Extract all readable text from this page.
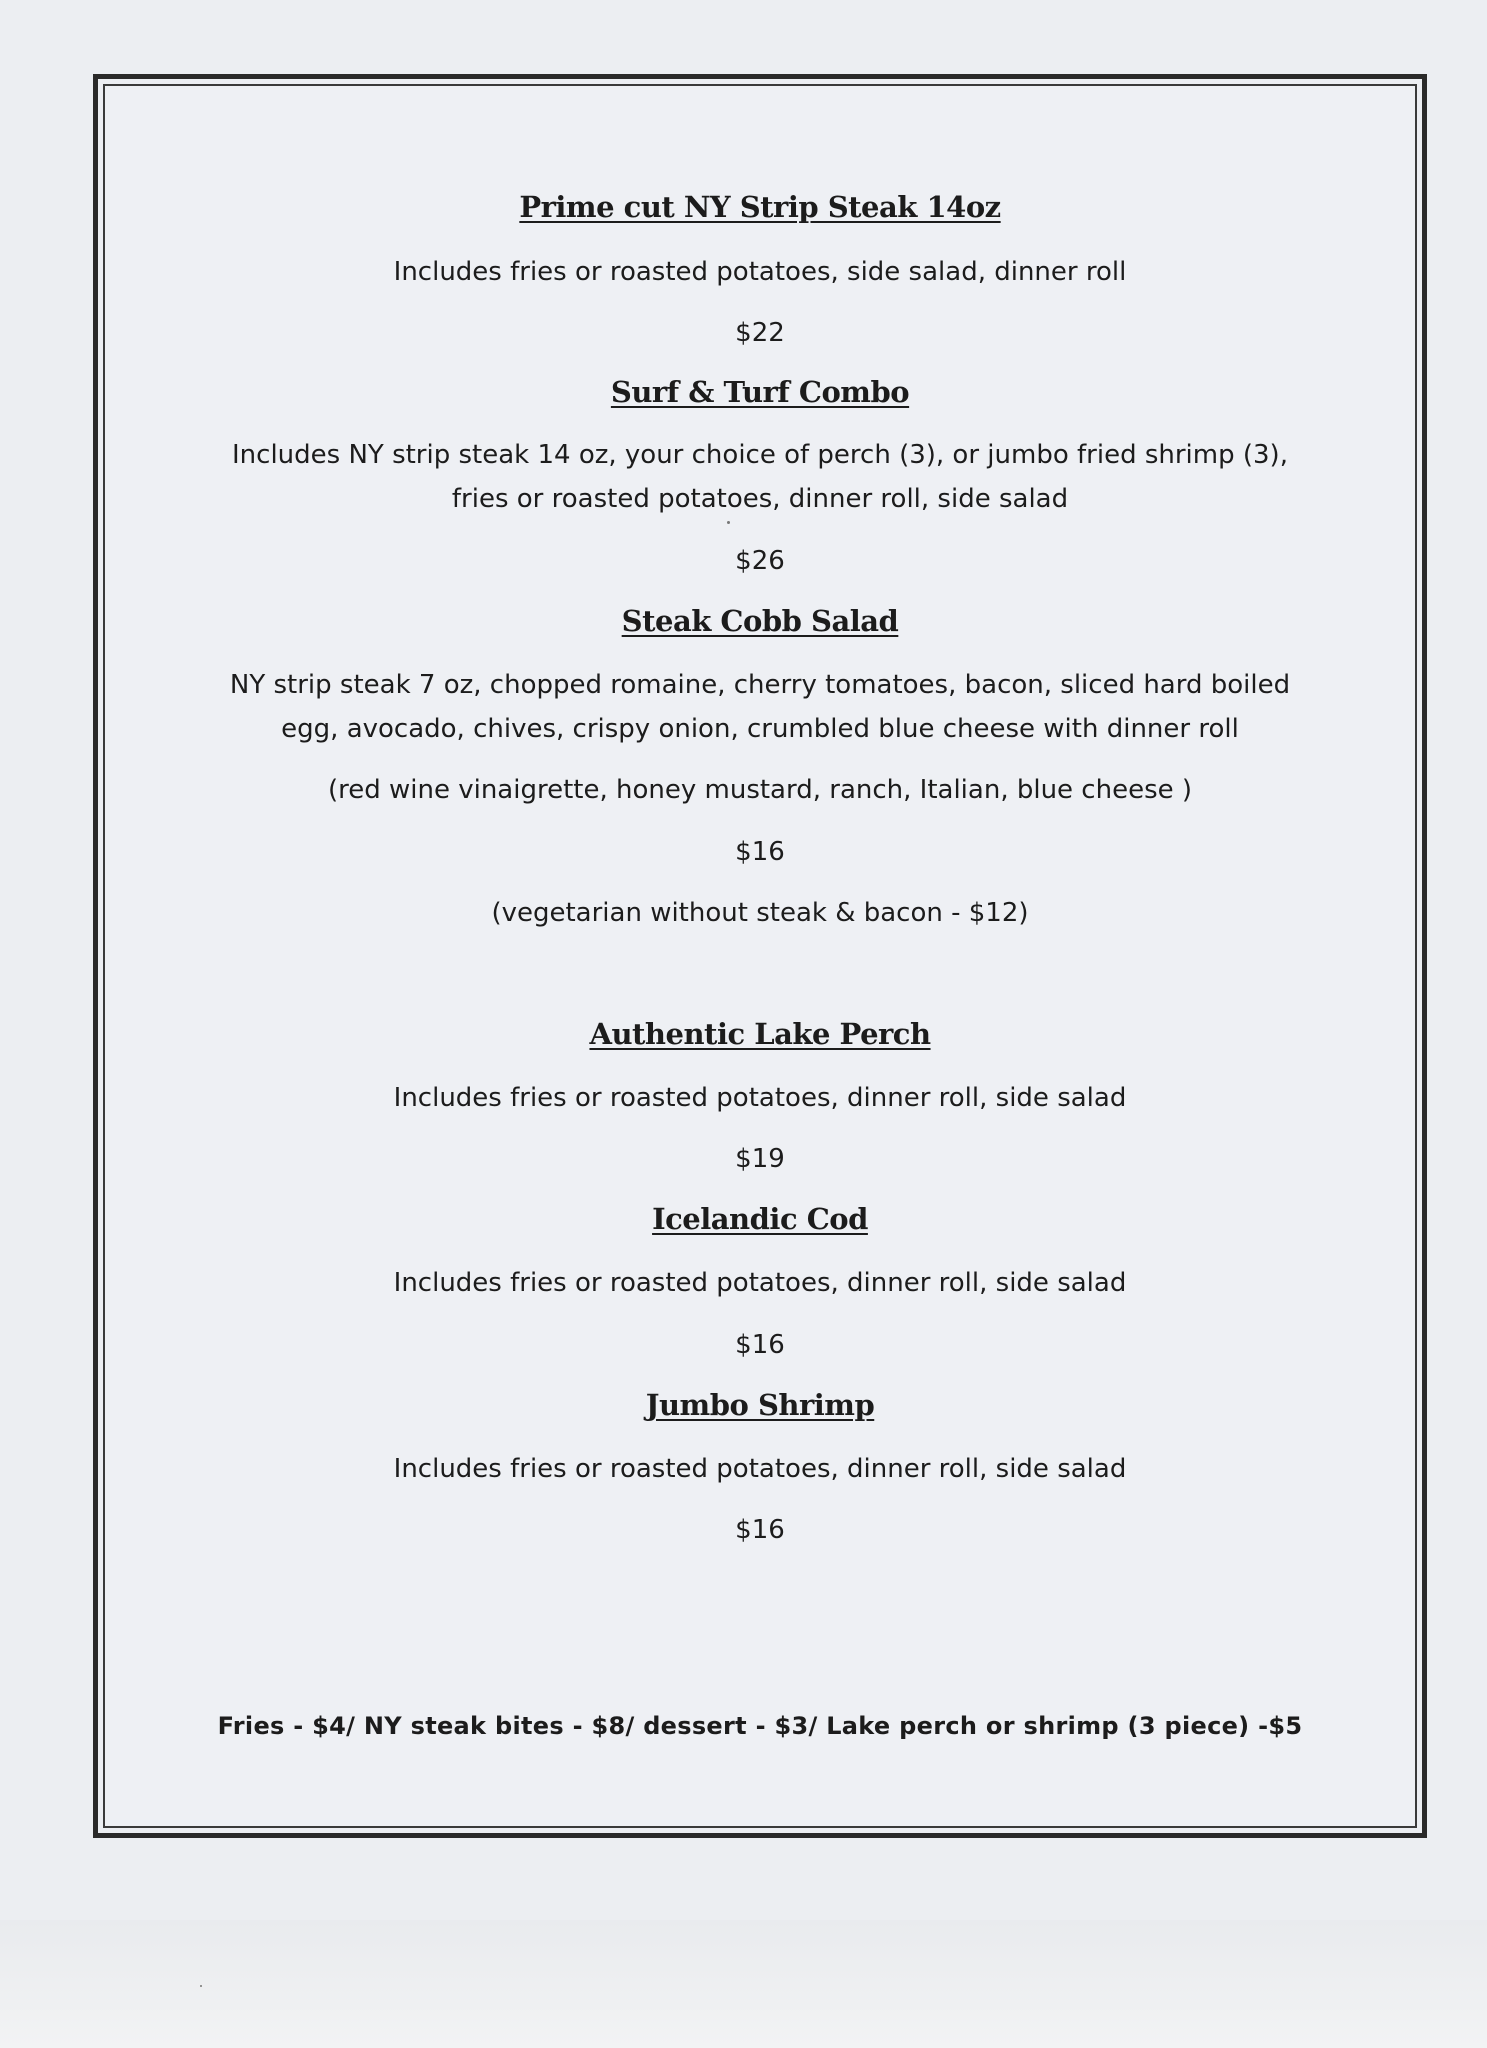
Prime cut NY Strip Steak 14oz
Includes fries or roasted potatoes, side salad, dinner roll
$22
Surf & Turf Combo
Includes NY strip steak 14 oz, your choice of perch (3), or jumbo fried shrimp (3),
fries or roasted potatoes, dinner roll, side salad
$26
Steak Cobb Salad
NY strip steak 7 oz, chopped romaine, cherry tomatoes, bacon, sliced hard boiled
egg, avocado, chives, crispy onion, crumbled blue cheese with dinner roll
(red wine vinaigrette, honey mustard, ranch, Italian, blue cheese )
$16
(vegetarian without steak & bacon - $12)
Authentic Lake Perch
Includes fries or roasted potatoes, dinner roll, side salad
$19
Icelandic Cod
Includes fries or roasted potatoes, dinner roll, side salad
$16
Jumbo Shrimp
Includes fries or roasted potatoes, dinner roll, side salad
$16
Fries - $4/ NY steak bites - $8/ dessert - $3/ Lake perch or shrimp (3 piece) -$5
